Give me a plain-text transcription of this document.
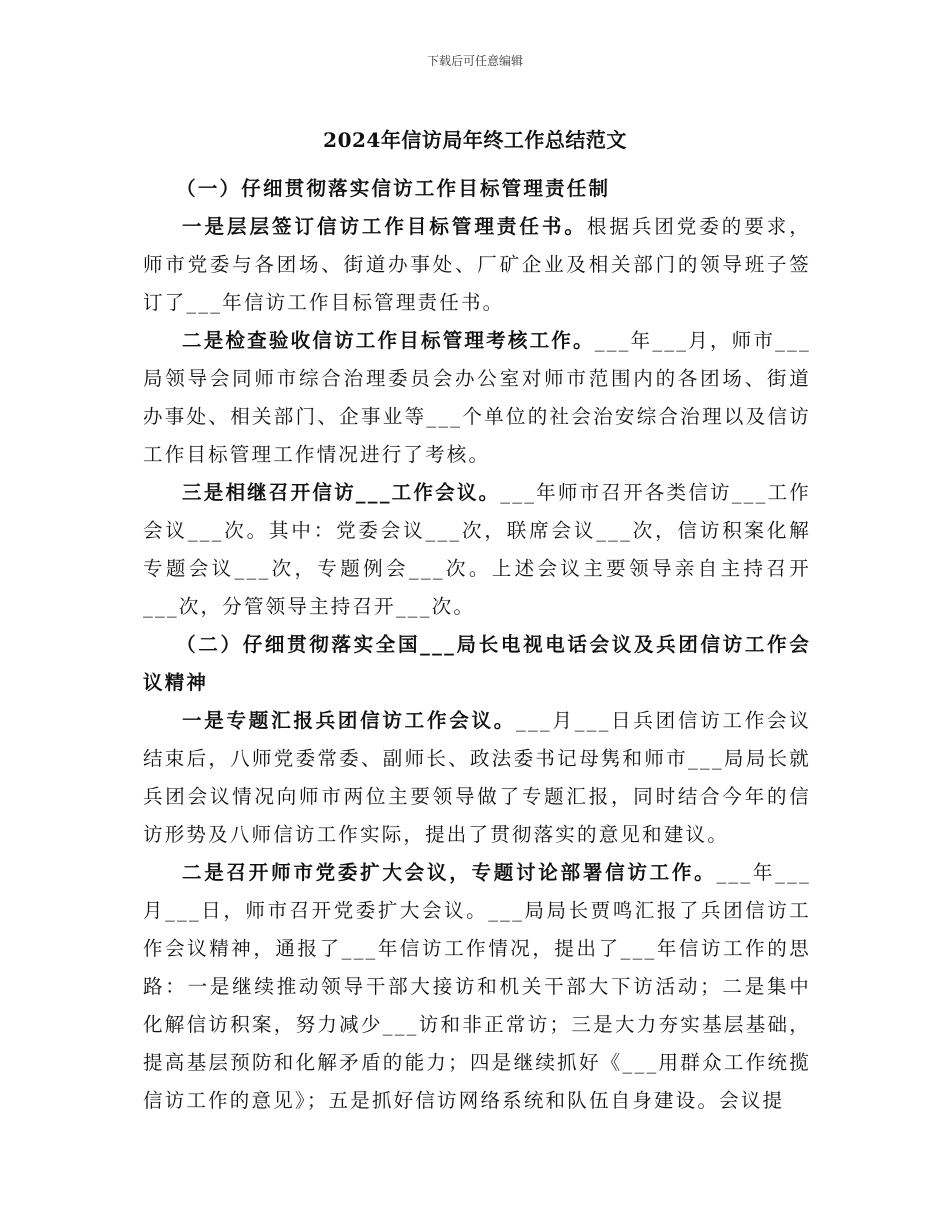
下载后可任意编辑
2024年信访局年终工作总结范文

（一）仔细贯彻落实信访工作目标管理责任制

一是层层签订信访工作目标管理责任书。根据兵团党委的要求，师市党委与各团场、街道办事处、厂矿企业及相关部门的领导班子签订了___年信访工作目标管理责任书。

二是检查验收信访工作目标管理考核工作。___年___月，师市___局领导会同师市综合治理委员会办公室对师市范围内的各团场、街道办事处、相关部门、企事业等___个单位的社会治安综合治理以及信访工作目标管理工作情况进行了考核。

三是相继召开信访___工作会议。___年师市召开各类信访___工作会议___次。其中：党委会议___次，联席会议___次，信访积案化解专题会议___次，专题例会___次。上述会议主要领导亲自主持召开___次，分管领导主持召开___次。

（二）仔细贯彻落实全国___局长电视电话会议及兵团信访工作会议精神

一是专题汇报兵团信访工作会议。___月___日兵团信访工作会议结束后，八师党委常委、副师长、政法委书记母隽和师市___局局长就兵团会议情况向师市两位主要领导做了专题汇报，同时结合今年的信访形势及八师信访工作实际，提出了贯彻落实的意见和建议。

二是召开师市党委扩大会议，专题讨论部署信访工作。___年___月___日，师市召开党委扩大会议。___局局长贾鸣汇报了兵团信访工作会议精神，通报了___年信访工作情况，提出了___年信访工作的思路：一是继续推动领导干部大接访和机关干部大下访活动；二是集中化解信访积案，努力减少___访和非正常访；三是大力夯实基层基础，提高基层预防和化解矛盾的能力；四是继续抓好《___用群众工作统揽信访工作的意见》；五是抓好信访网络系统和队伍自身建设。会议提
